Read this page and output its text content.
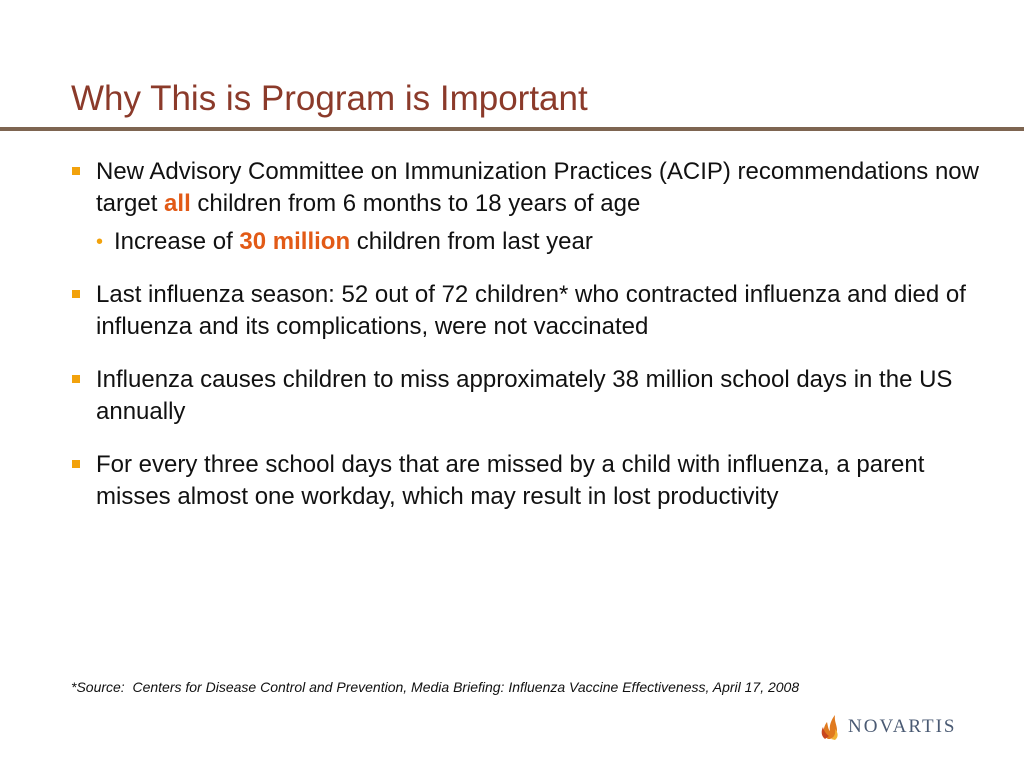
Why This is Program is Important
New Advisory Committee on Immunization Practices (ACIP) recommendations now target all children from 6 months to 18 years of age
• Increase of 30 million children from last year
Last influenza season: 52 out of 72 children* who contracted influenza and died of influenza and its complications, were not vaccinated
Influenza causes children to miss approximately 38 million school days in the US annually
For every three school days that are missed by a child with influenza, a parent misses almost one workday, which may result in lost productivity
*Source:  Centers for Disease Control and Prevention, Media Briefing: Influenza Vaccine Effectiveness, April 17, 2008
NOVARTIS
